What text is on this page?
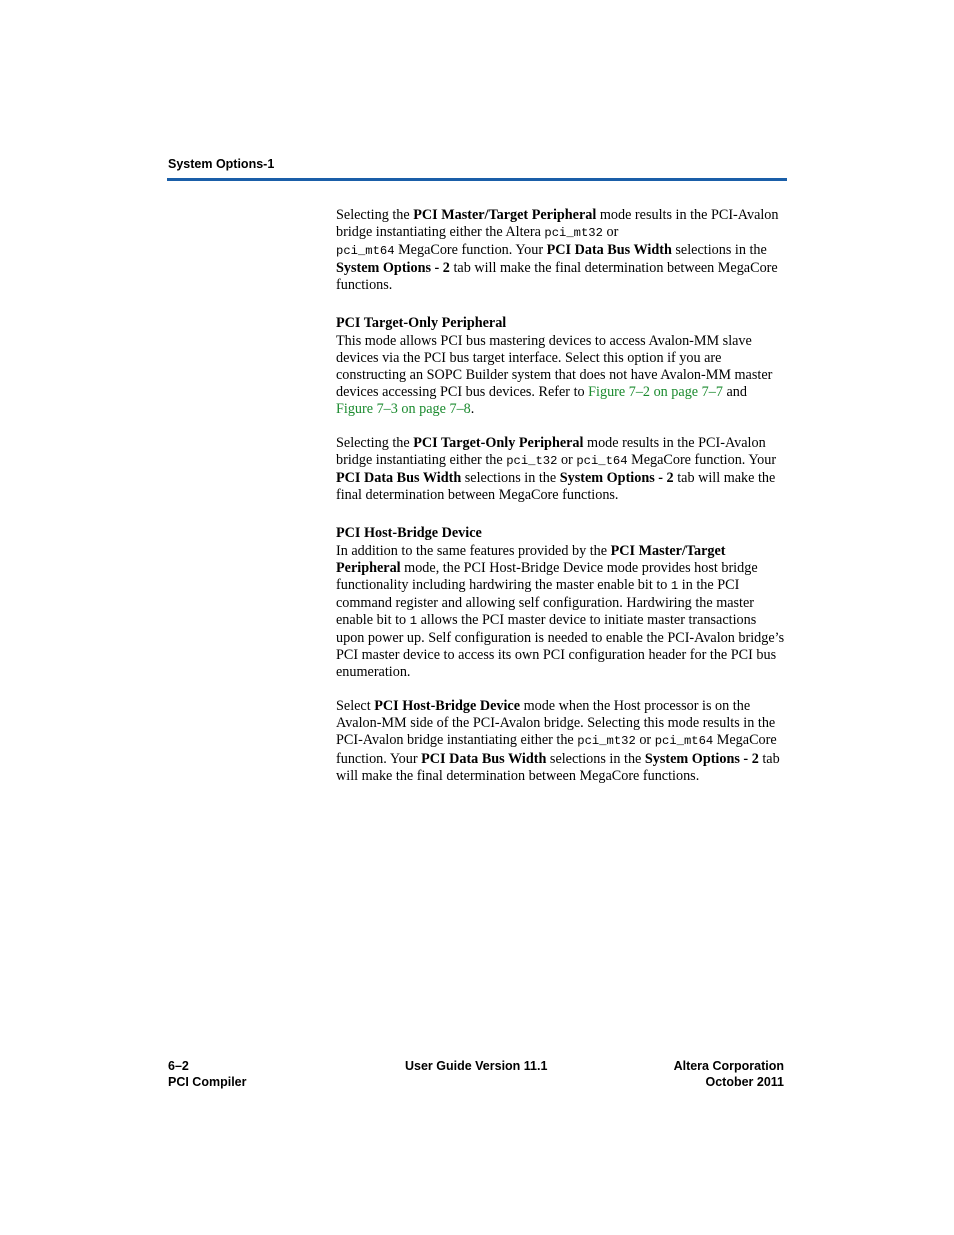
System Options-1

Selecting the PCI Master/Target Peripheral mode results in the PCI-Avalon bridge instantiating either the Altera pci_mt32 or
pci_mt64 MegaCore function. Your PCI Data Bus Width selections in the System Options - 2 tab will make the final determination between MegaCore functions.

PCI Target-Only Peripheral

This mode allows PCI bus mastering devices to access Avalon-MM slave devices via the PCI bus target interface. Select this option if you are constructing an SOPC Builder system that does not have Avalon-MM master devices accessing PCI bus devices. Refer to Figure 7–2 on page 7–7 and Figure 7–3 on page 7–8.

Selecting the PCI Target-Only Peripheral mode results in the PCI-Avalon bridge instantiating either the pci_t32 or pci_t64 MegaCore function. Your PCI Data Bus Width selections in the System Options - 2 tab will make the final determination between MegaCore functions.

PCI Host-Bridge Device

In addition to the same features provided by the PCI Master/Target Peripheral mode, the PCI Host-Bridge Device mode provides host bridge functionality including hardwiring the master enable bit to 1 in the PCI command register and allowing self configuration. Hardwiring the master enable bit to 1 allows the PCI master device to initiate master transactions upon power up. Self configuration is needed to enable the PCI-Avalon bridge’s PCI master device to access its own PCI configuration header for the PCI bus enumeration.

Select PCI Host-Bridge Device mode when the Host processor is on the Avalon-MM side of the PCI-Avalon bridge. Selecting this mode results in the PCI-Avalon bridge instantiating either the pci_mt32 or pci_mt64 MegaCore function. Your PCI Data Bus Width selections in the System Options - 2 tab will make the final determination between MegaCore functions.

6–2
PCI Compiler
User Guide Version 11.1	Altera Corporation
October 2011
